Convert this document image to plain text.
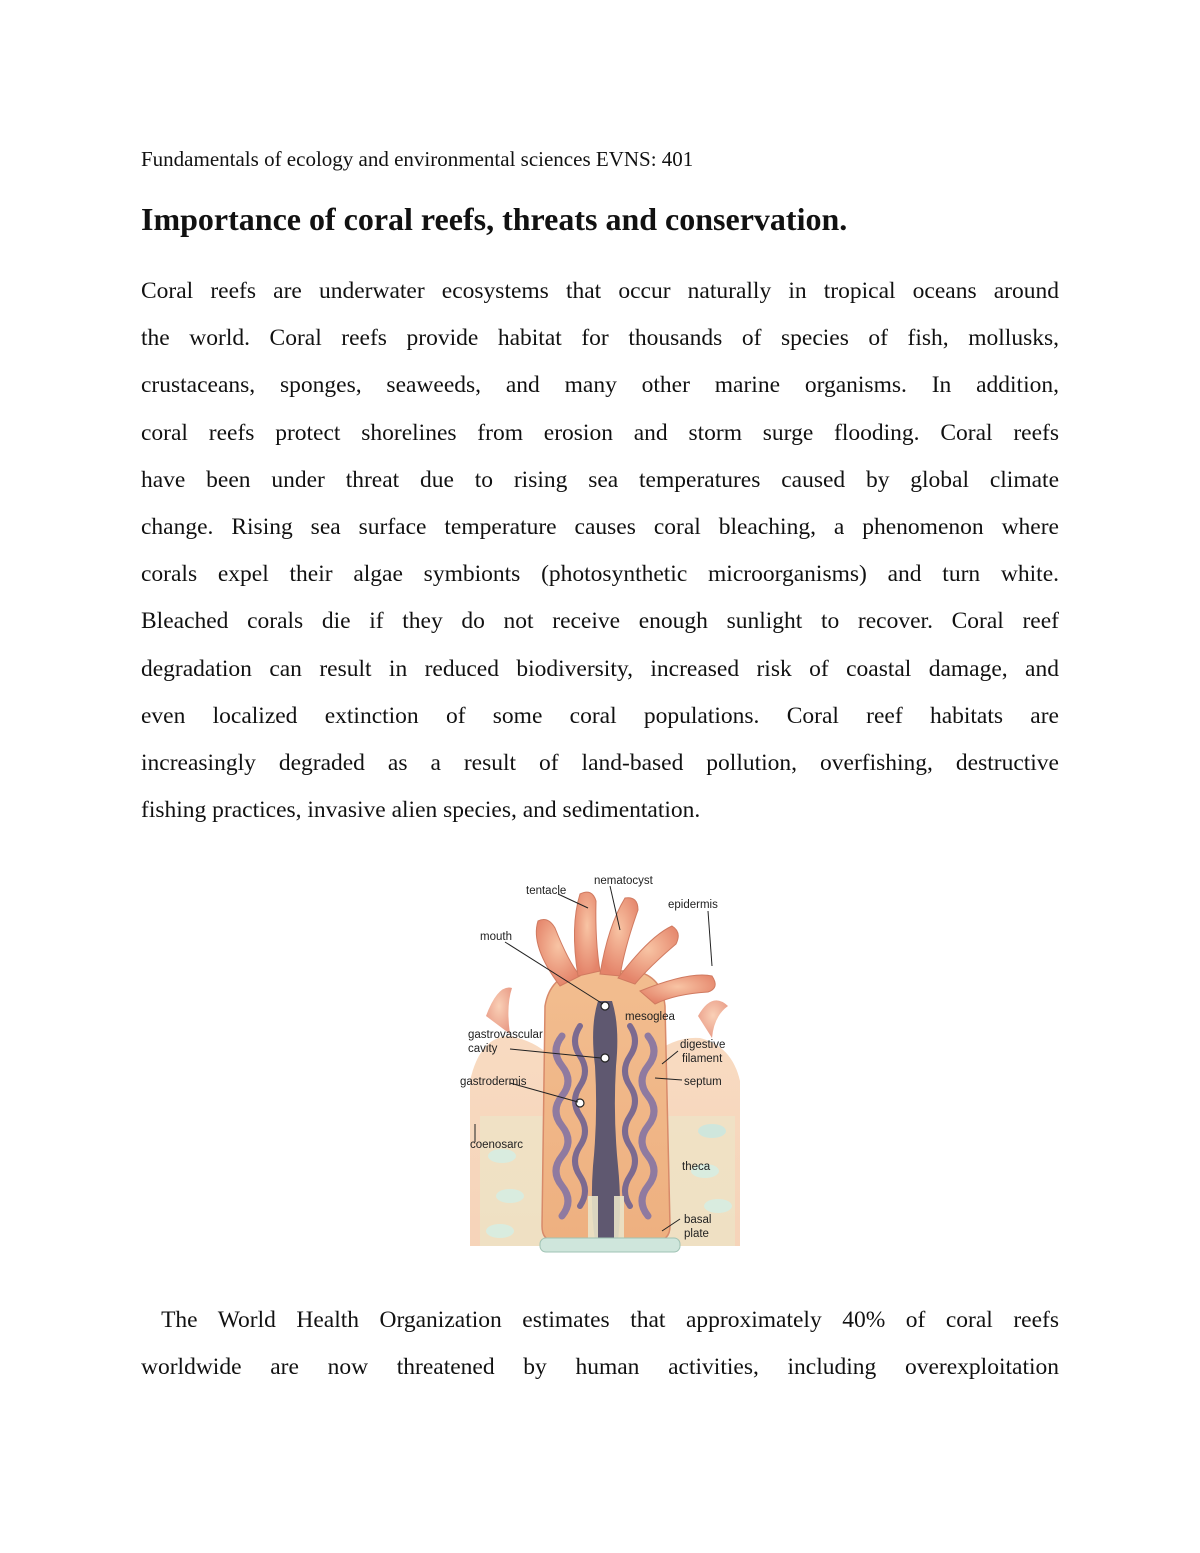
Fundamentals of ecology and environmental sciences EVNS: 401
Importance of coral reefs, threats and conservation.
Coral reefs are underwater ecosystems that occur naturally in tropical oceans around
the world. Coral reefs provide habitat for thousands of species of fish, mollusks,
crustaceans, sponges, seaweeds, and many other marine organisms. In addition,
coral reefs protect shorelines from erosion and storm surge flooding. Coral reefs
have been under threat due to rising sea temperatures caused by global climate
change. Rising sea surface temperature causes coral bleaching, a phenomenon where
corals expel their algae symbionts (photosynthetic microorganisms) and turn white.
Bleached corals die if they do not receive enough sunlight to recover. Coral reef
degradation can result in reduced biodiversity, increased risk of coastal damage, and
even localized extinction of some coral populations. Coral reef habitats are
increasingly degraded as a result of land-based pollution, overfishing, destructive
fishing practices, invasive alien species, and sedimentation.
tentacle
nematocyst
epidermis
mouth
mesoglea
gastrovascular
cavity	digestive
filament
gastrodermis	septum
coenosarc
theca
basal
plate
The World Health Organization estimates that approximately 40% of coral reefs
worldwide are now threatened by human activities, including overexploitation
